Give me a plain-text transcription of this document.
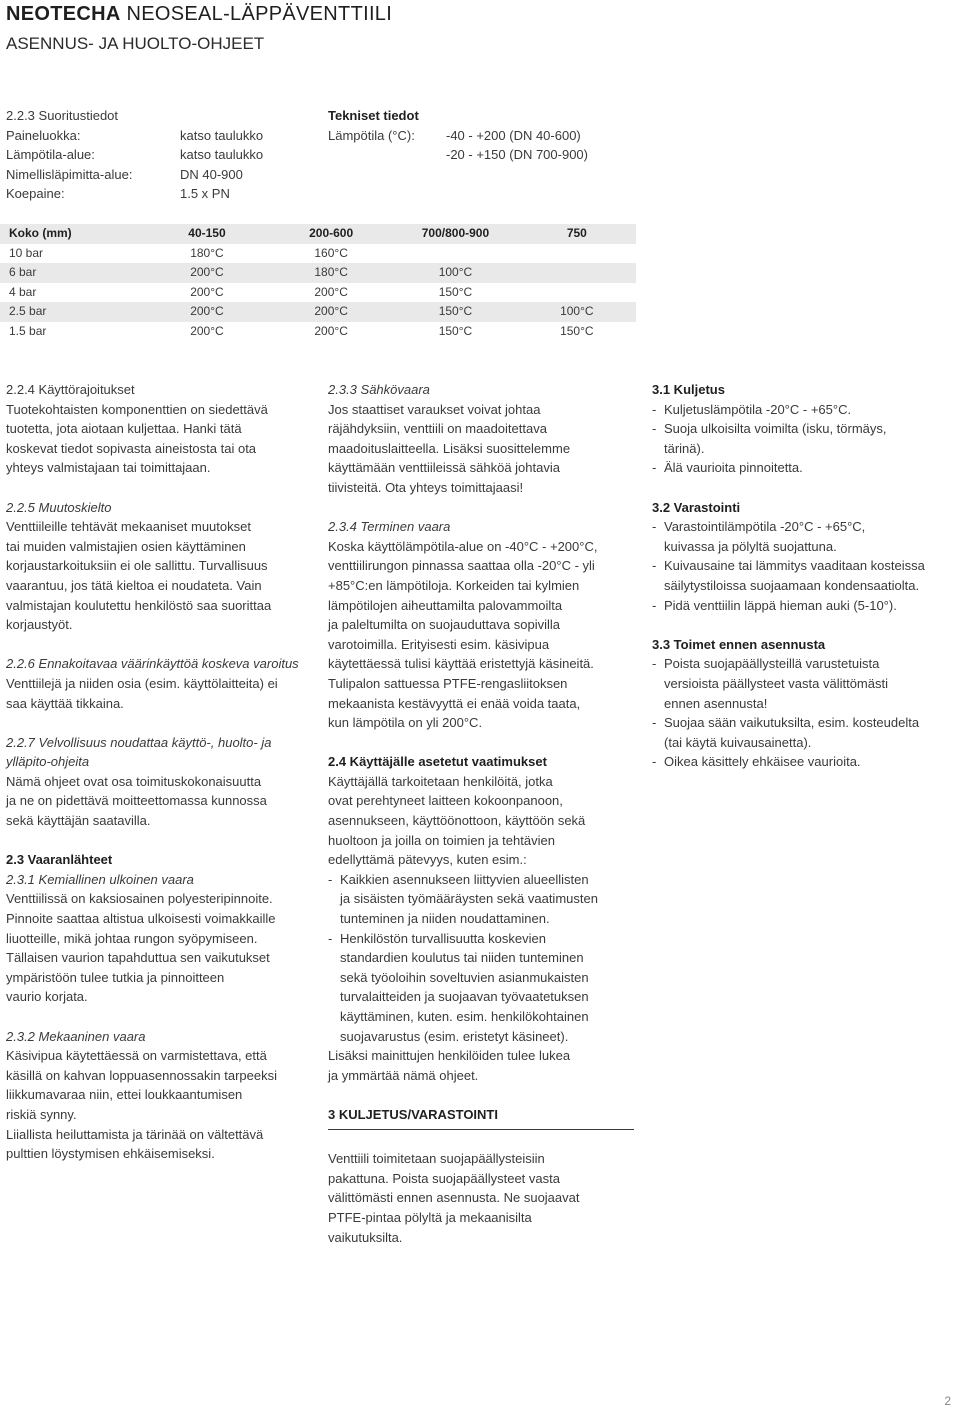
NEOTECHA NEOSEAL-LÄPPÄVENTTIILI
ASENNUS- JA HUOLTO-OHJEET
2.2.3 Suoritustiedot
Paineluokka:	katso taulukko
Lämpötila-alue:	katso taulukko
Nimellisläpimitta-alue:	DN 40-900
Koepaine:	1.5 x PN
Tekniset tiedot
Lämpötila (°C):	-40 - +200 (DN 40-600)
-20 - +150 (DN 700-900)
Koko (mm)	40-150	200-600	700/800-900	750
10 bar	180°C	160°C		
6 bar	200°C	180°C	100°C	
4 bar	200°C	200°C	150°C	
2.5 bar	200°C	200°C	150°C	100°C
1.5 bar	200°C	200°C	150°C	150°C

2.2.4 Käyttörajoitukset

Tuotekohtaisten komponenttien on siedettävä
tuotetta, jota aiotaan kuljettaa. Hanki tätä
koskevat tiedot sopivasta aineistosta tai ota
yhteys valmistajaan tai toimittajaan.

2.2.5 Muutoskielto

Venttiileille tehtävät mekaaniset muutokset
tai muiden valmistajien osien käyttäminen
korjaustarkoituksiin ei ole sallittu. Turvallisuus
vaarantuu, jos tätä kieltoa ei noudateta. Vain
valmistajan koulutettu henkilöstö saa suorittaa
korjaustyöt.

2.2.6 Ennakoitavaa väärinkäyttöä koskeva varoitus

Venttiilejä ja niiden osia (esim. käyttölaitteita) ei
saa käyttää tikkaina.
2.2.7 Velvollisuus noudattaa käyttö-, huolto- ja
ylläpito-ohjeita
Nämä ohjeet ovat osa toimituskokonaisuutta
ja ne on pidettävä moitteettomassa kunnossa
sekä käyttäjän saatavilla.

2.3 Vaaranlähteet

2.3.1 Kemiallinen ulkoinen vaara

Venttiilissä on kaksiosainen polyesteripinnoite.
Pinnoite saattaa altistua ulkoisesti voimakkaille
liuotteille, mikä johtaa rungon syöpymiseen.
Tällaisen vaurion tapahduttua sen vaikutukset
ympäristöön tulee tutkia ja pinnoitteen
vaurio korjata.

2.3.2 Mekaaninen vaara

Käsivipua käytettäessä on varmistettava, että
käsillä on kahvan loppuasennossakin tarpeeksi
liikkumavaraa niin, ettei loukkaantumisen
riskiä synny.
Liiallista heiluttamista ja tärinää on vältettävä
pulttien löystymisen ehkäisemiseksi.

2.3.3 Sähkövaara

Jos staattiset varaukset voivat johtaa
räjähdyksiin, venttiili on maadoitettava
maadoituslaitteella. Lisäksi suosittelemme
käyttämään venttiileissä sähköä johtavia
tiivisteitä. Ota yhteys toimittajaasi!

2.3.4 Terminen vaara

Koska käyttölämpötila-alue on -40°C - +200°C,
venttiilirungon pinnassa saattaa olla -20°C - yli
+85°C:en lämpötiloja. Korkeiden tai kylmien
lämpötilojen aiheuttamilta palovammoilta
ja paleltumilta on suojauduttava sopivilla
varotoimilla. Erityisesti esim. käsivipua
käytettäessä tulisi käyttää eristettyjä käsineitä.
Tulipalon sattuessa PTFE-rengasliitoksen
mekaanista kestävyyttä ei enää voida taata,
kun lämpötila on yli 200°C.

2.4 Käyttäjälle asetetut vaatimukset

Käyttäjällä tarkoitetaan henkilöitä, jotka
ovat perehtyneet laitteen kokoonpanoon,
asennukseen, käyttöönottoon, käyttöön sekä
huoltoon ja joilla on toimien ja tehtävien
edellyttämä pätevyys, kuten esim.:
- Kaikkien asennukseen liittyvien alueellisten
ja sisäisten työmääräysten sekä vaatimusten
tunteminen ja niiden noudattaminen.
- Henkilöstön turvallisuutta koskevien
standardien koulutus tai niiden tunteminen
sekä työoloihin soveltuvien asianmukaisten
turvalaitteiden ja suojaavan työvaatetuksen
käyttäminen, kuten. esim. henkilökohtainen
suojavarustus (esim. eristetyt käsineet).
Lisäksi mainittujen henkilöiden tulee lukea
ja ymmärtää nämä ohjeet.
3 KULJETUS/VARASTOINTI
Venttiili toimitetaan suojapäällysteisiin
pakattuna. Poista suojapäällysteet vasta
välittömästi ennen asennusta. Ne suojaavat
PTFE-pintaa pölyltä ja mekaanisilta
vaikutuksilta.

3.1 Kuljetus

- Kuljetuslämpötila -20°C - +65°C.
- Suoja ulkoisilta voimilta (isku, törmäys,
tärinä).
- Älä vaurioita pinnoitetta.

3.2 Varastointi

- Varastointilämpötila -20°C - +65°C,
kuivassa ja pölyltä suojattuna.
- Kuivausaine tai lämmitys vaaditaan kosteissa
säilytystiloissa suojaamaan kondensaatiolta.
- Pidä venttiilin läppä hieman auki (5-10°).

3.3 Toimet ennen asennusta

- Poista suojapäällysteillä varustetuista
versioista päällysteet vasta välittömästi
ennen asennusta!
- Suojaa sään vaikutuksilta, esim. kosteudelta
(tai käytä kuivausainetta).
- Oikea käsittely ehkäisee vaurioita.
2
